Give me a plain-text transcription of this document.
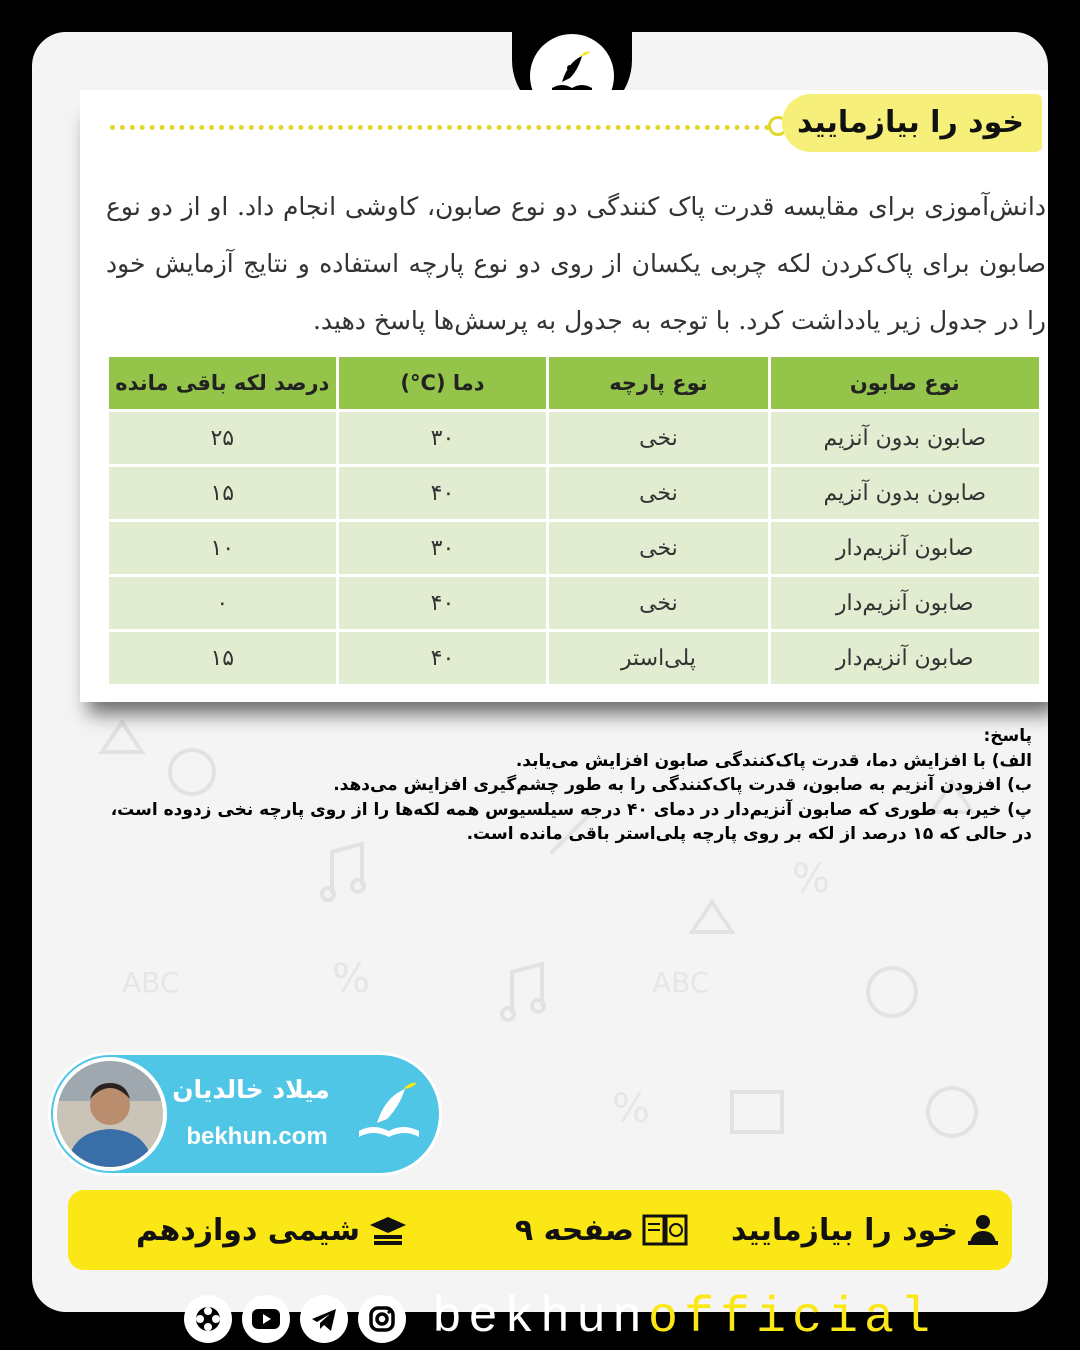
%
%
ABC	ABC
%
خود را بیازمایید
دانش‌آموزی برای مقایسه قدرت پاک کنندگی دو نوع صابون، کاوشی انجام داد. او از دو نوع صابون برای پاک‌کردن لکه چربی یکسان از روی دو نوع پارچه استفاده و نتایج آزمایش خود را در جدول زیر یادداشت کرد. با توجه به جدول به پرسش‌ها پاسخ دهید.
نوع صابون	نوع پارچه	دما (C°)	درصد لکه باقی مانده
صابون بدون آنزیم	نخی	۳۰	۲۵
صابون بدون آنزیم	نخی	۴۰	۱۵
صابون آنزیم‌دار	نخی	۳۰	۱۰
صابون آنزیم‌دار	نخی	۴۰	۰
صابون آنزیم‌دار	پلی‌استر	۴۰	۱۵
پاسخ:
الف) با افزایش دما، قدرت پاک‌کنندگی صابون افزایش می‌یابد.
ب) افزودن آنزیم به صابون، قدرت پاک‌کنندگی را به طور چشم‌گیری افزایش می‌دهد.
پ) خیر، به طوری که صابون آنزیم‌دار در دمای ۴۰ درجه سیلسیوس همه لکه‌ها را از روی پارچه نخی زدوده است،
در حالی که ۱۵ درصد از لکه بر روی پارچه پلی‌استر باقی مانده است.
میلاد خالدیان
bekhun.com
خود را بیازمایید
صفحه ۹
شیمی دوازدهم
bekhunofficial
